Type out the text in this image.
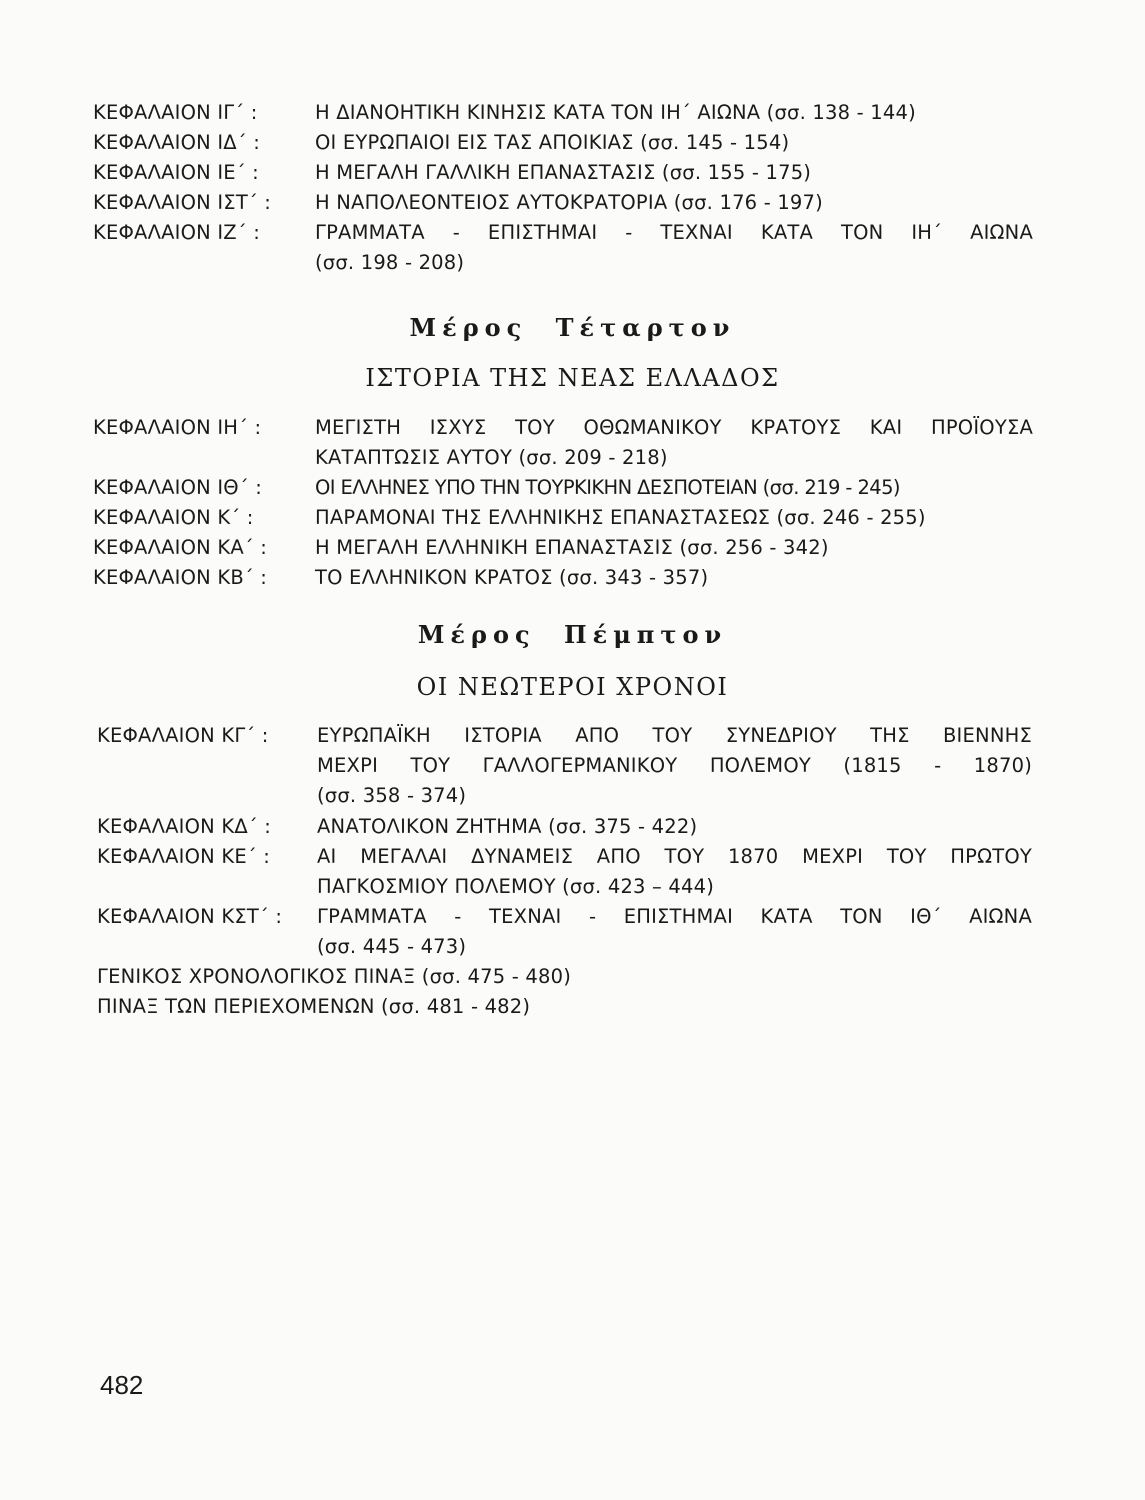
ΚΕΦΑΛΑΙΟΝ ΙΓ΄ :	Η ΔΙΑΝΟΗΤΙΚΗ ΚΙΝΗΣΙΣ ΚΑΤΑ ΤΟΝ ΙΗ΄ ΑΙΩΝΑ (σσ. 138 - 144)
ΚΕΦΑΛΑΙΟΝ ΙΔ΄ :	ΟΙ ΕΥΡΩΠΑΙΟΙ ΕΙΣ ΤΑΣ ΑΠΟΙΚΙΑΣ (σσ. 145 - 154)
ΚΕΦΑΛΑΙΟΝ ΙΕ΄ :	Η ΜΕΓΑΛΗ ΓΑΛΛΙΚΗ ΕΠΑΝΑΣΤΑΣΙΣ (σσ. 155 - 175)
ΚΕΦΑΛΑΙΟΝ ΙΣΤ΄ :	Η ΝΑΠΟΛΕΟΝΤΕΙΟΣ ΑΥΤΟΚΡΑΤΟΡΙΑ (σσ. 176 - 197)
ΚΕΦΑΛΑΙΟΝ ΙΖ΄ :	ΓΡΑΜΜΑΤΑ - ΕΠΙΣΤΗΜΑΙ - ΤΕΧΝΑΙ ΚΑΤΑ ΤΟΝ ΙΗ΄ ΑΙΩΝΑ
(σσ. 198 - 208)
Μέρος Τέταρτον
ΙΣΤΟΡΙΑ ΤΗΣ ΝΕΑΣ ΕΛΛΑΔΟΣ
ΚΕΦΑΛΑΙΟΝ ΙΗ΄ :	ΜΕΓΙΣΤΗ ΙΣΧΥΣ ΤΟΥ ΟΘΩΜΑΝΙΚΟΥ ΚΡΑΤΟΥΣ ΚΑΙ ΠΡΟΪΟΥΣΑ
ΚΑΤΑΠΤΩΣΙΣ ΑΥΤΟΥ (σσ. 209 - 218)
ΚΕΦΑΛΑΙΟΝ ΙΘ΄ :	ΟΙ ΕΛΛΗΝΕΣ ΥΠΟ ΤΗΝ ΤΟΥΡΚΙΚΗΝ ΔΕΣΠΟΤΕΙΑΝ (σσ. 219 - 245)
ΚΕΦΑΛΑΙΟΝ Κ΄ :	ΠΑΡΑΜΟΝΑΙ ΤΗΣ ΕΛΛΗΝΙΚΗΣ ΕΠΑΝΑΣΤΑΣΕΩΣ (σσ. 246 - 255)
ΚΕΦΑΛΑΙΟΝ ΚΑ΄ :	Η ΜΕΓΑΛΗ ΕΛΛΗΝΙΚΗ ΕΠΑΝΑΣΤΑΣΙΣ (σσ. 256 - 342)
ΚΕΦΑΛΑΙΟΝ ΚΒ΄ :	ΤΟ ΕΛΛΗΝΙΚΟΝ ΚΡΑΤΟΣ (σσ. 343 - 357)
Μέρος Πέμπτον
ΟΙ ΝΕΩΤΕΡΟΙ ΧΡΟΝΟΙ
ΚΕΦΑΛΑΙΟΝ ΚΓ΄ :	ΕΥΡΩΠΑΪΚΗ ΙΣΤΟΡΙΑ ΑΠΟ ΤΟΥ ΣΥΝΕΔΡΙΟΥ ΤΗΣ ΒΙΕΝΝΗΣ
ΜΕΧΡΙ ΤΟΥ ΓΑΛΛΟΓΕΡΜΑΝΙΚΟΥ ΠΟΛΕΜΟΥ (1815 - 1870)
(σσ. 358 - 374)
ΚΕΦΑΛΑΙΟΝ ΚΔ΄ :	ΑΝΑΤΟΛΙΚΟΝ ΖΗΤΗΜΑ (σσ. 375 - 422)
ΚΕΦΑΛΑΙΟΝ ΚΕ΄ :	ΑΙ ΜΕΓΑΛΑΙ ΔΥΝΑΜΕΙΣ ΑΠΟ ΤΟΥ 1870 ΜΕΧΡΙ ΤΟΥ ΠΡΩΤΟΥ
ΠΑΓΚΟΣΜΙΟΥ ΠΟΛΕΜΟΥ (σσ. 423 – 444)
ΚΕΦΑΛΑΙΟΝ ΚΣΤ΄ :	ΓΡΑΜΜΑΤΑ - ΤΕΧΝΑΙ - ΕΠΙΣΤΗΜΑΙ ΚΑΤΑ ΤΟΝ ΙΘ΄ ΑΙΩΝΑ
(σσ. 445 - 473)
ΓΕΝΙΚΟΣ ΧΡΟΝΟΛΟΓΙΚΟΣ ΠΙΝΑΞ (σσ. 475 - 480)
ΠΙΝΑΞ ΤΩΝ ΠΕΡΙΕΧΟΜΕΝΩΝ (σσ. 481 - 482)
482
